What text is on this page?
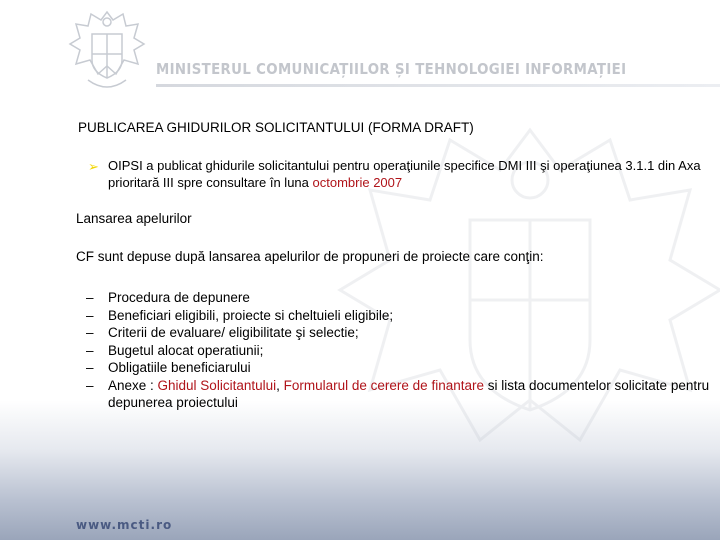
MINISTERUL COMUNICAȚIILOR ȘI TEHNOLOGIEI INFORMAȚIEI
PUBLICAREA GHIDURILOR SOLICITANTULUI (FORMA DRAFT)
➢ OIPSI a publicat ghidurile solicitantului pentru operaţiunile specifice DMI III şi operaţiunea 3.1.1 din Axa prioritară III spre consultare în luna octombrie 2007
Lansarea apelurilor
CF sunt depuse după lansarea apelurilor de propuneri de proiecte care conţin:
– Procedura de depunere
– Beneficiari eligibili, proiecte si cheltuieli eligibile;
– Criterii de evaluare/ eligibilitate şi selectie;
– Bugetul alocat operatiunii;
– Obligatiile beneficiarului
– Anexe : Ghidul Solicitantului, Formularul de cerere de finantare si lista documentelor solicitate pentru depunerea proiectului
www.mcti.ro
